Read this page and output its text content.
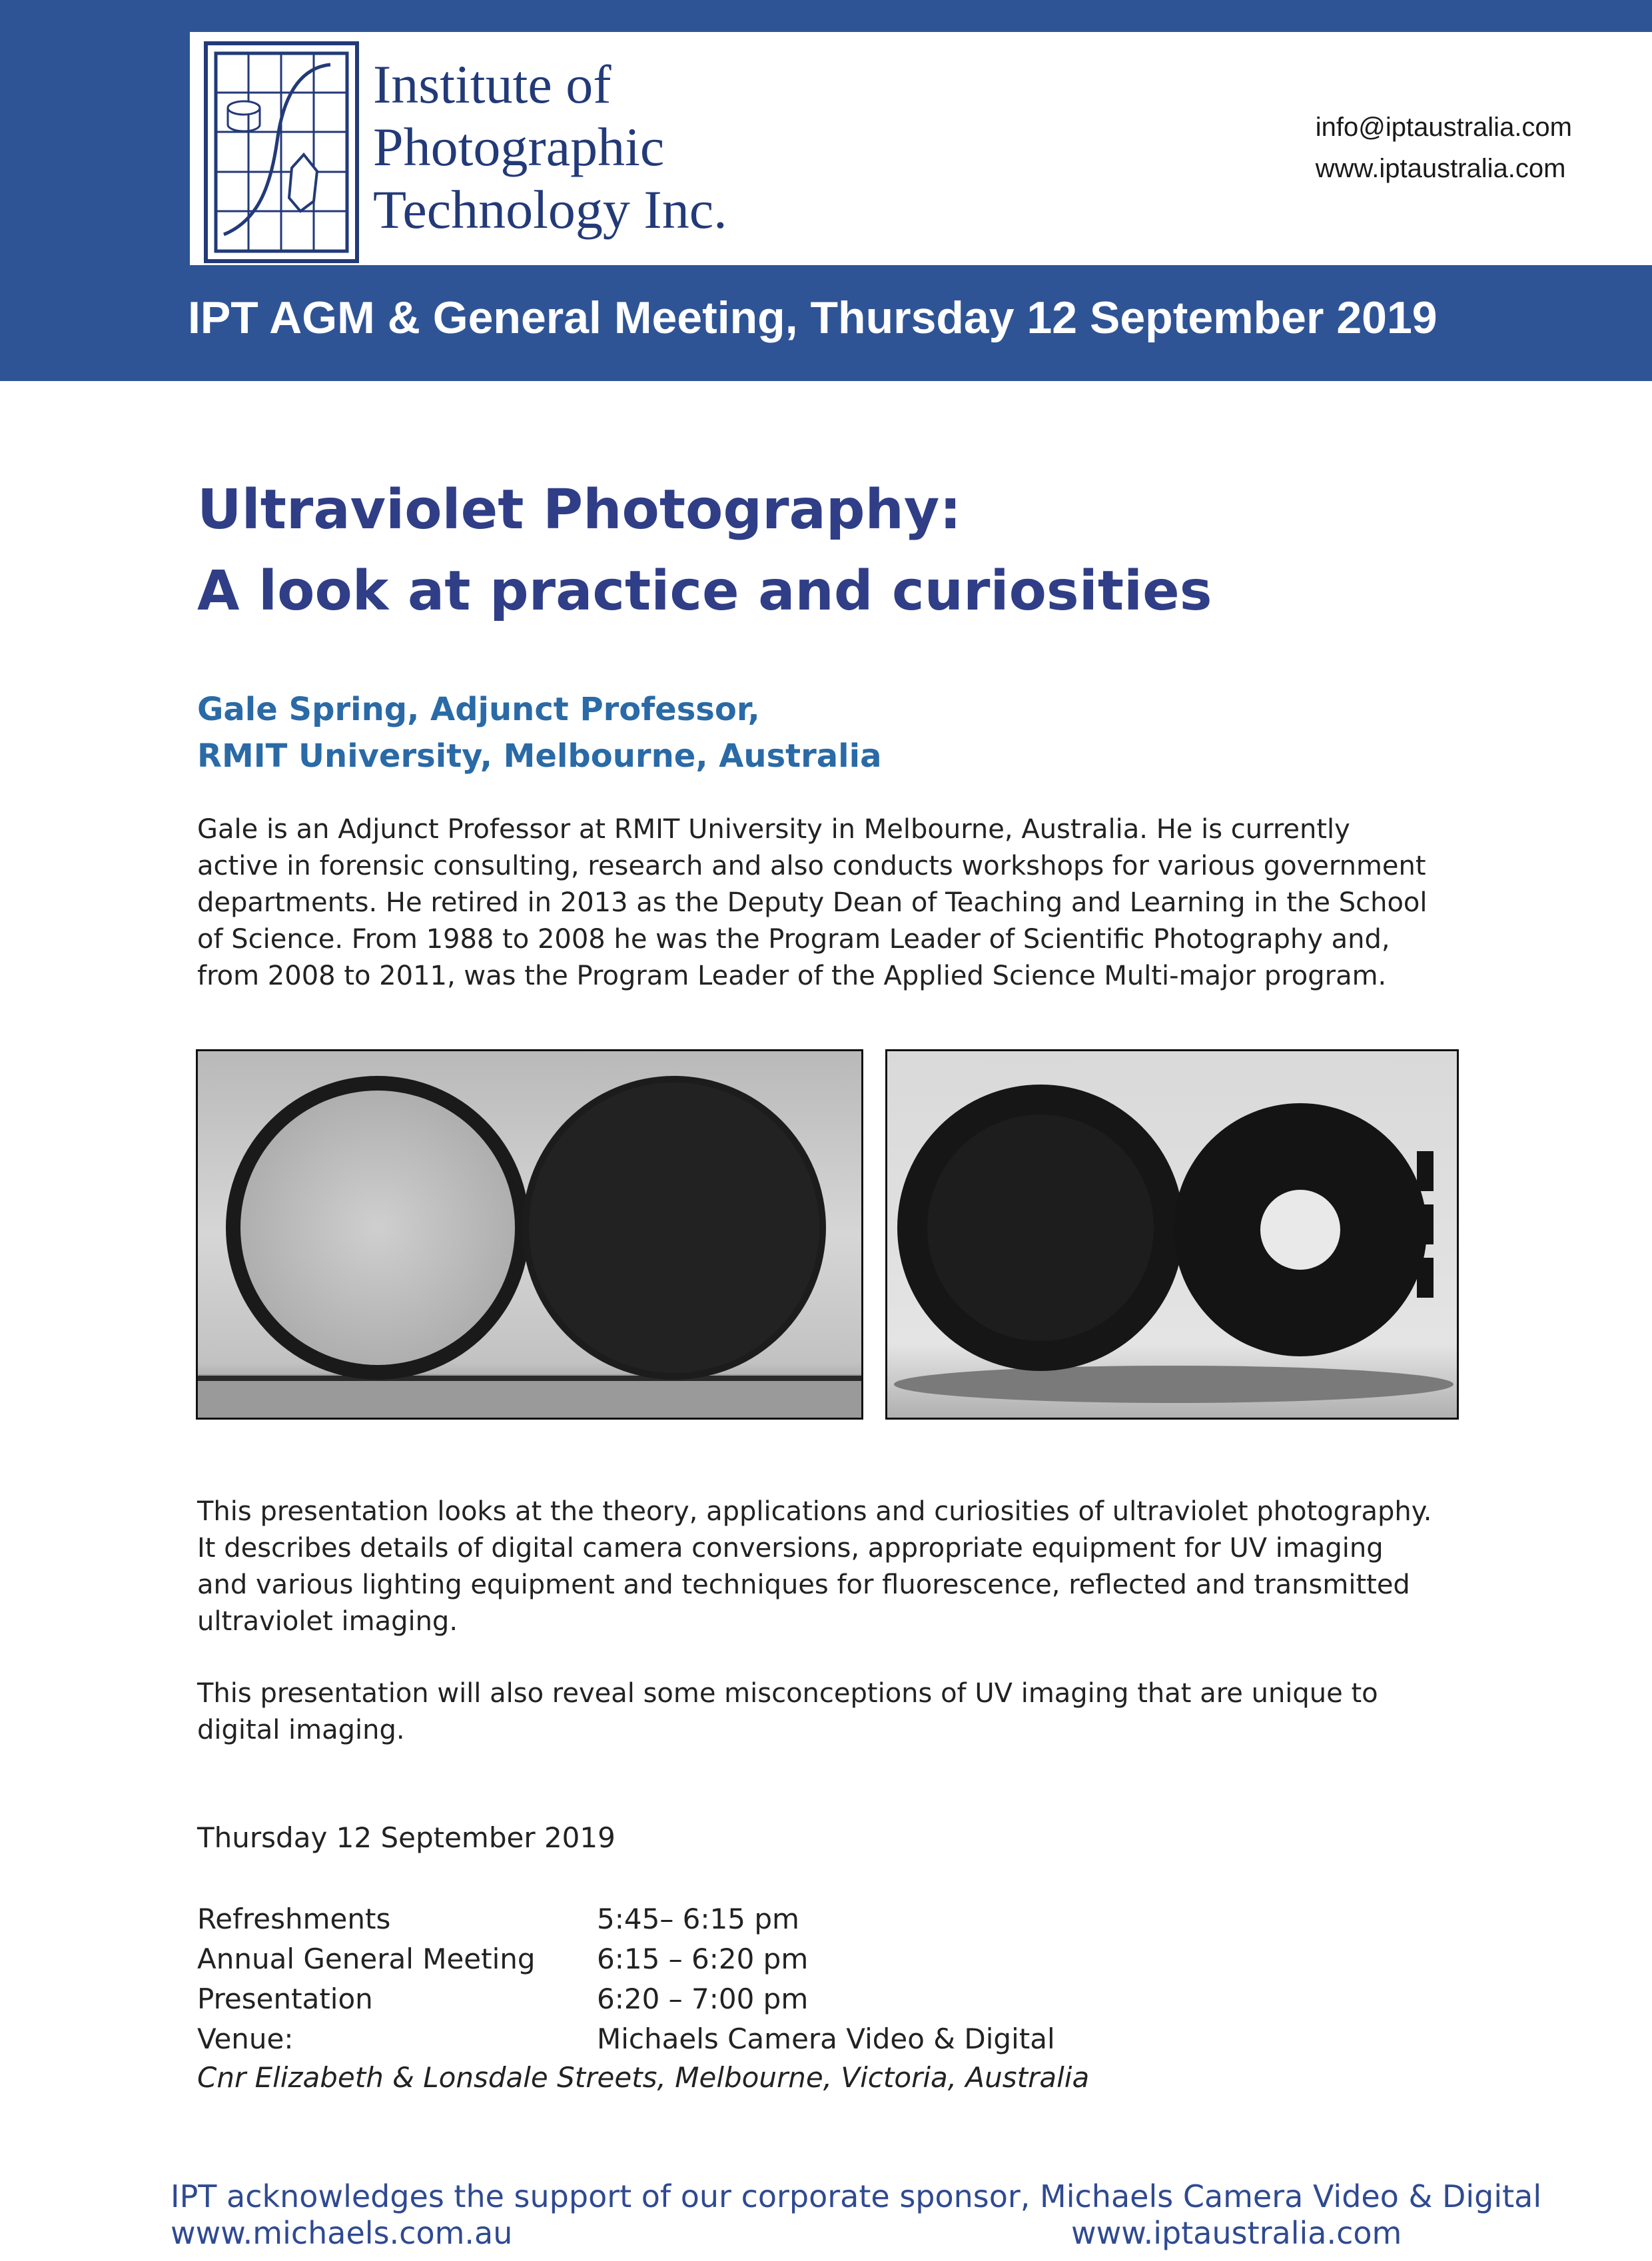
Institute of
Photographic
Technology Inc.
info@iptaustralia.com
www.iptaustralia.com
IPT AGM & General Meeting, Thursday 12 September 2019
Ultraviolet Photography:
A look at practice and curiosities
Gale Spring, Adjunct Professor,
RMIT University, Melbourne, Australia
Gale is an Adjunct Professor at RMIT University in Melbourne, Australia. He is currently
active in forensic consulting, research and also conducts workshops for various government
departments. He retired in 2013 as the Deputy Dean of Teaching and Learning in the School
of Science. From 1988 to 2008 he was the Program Leader of Scientific Photography and,
from 2008 to 2011, was the Program Leader of the Applied Science Multi-major program.
This presentation looks at the theory, applications and curiosities of ultraviolet photography.
It describes details of digital camera conversions, appropriate equipment for UV imaging
and various lighting equipment and techniques for fluorescence, reflected and transmitted
ultraviolet imaging.
This presentation will also reveal some misconceptions of UV imaging that are unique to
digital imaging.
Thursday 12 September 2019
Refreshments	5:45– 6:15 pm
Annual General Meeting 6:15 – 6:20 pm
Presentation	6:20 – 7:00 pm
Venue:	Michaels Camera Video & Digital
Cnr Elizabeth & Lonsdale Streets, Melbourne, Victoria, Australia
IPT acknowledges the support of our corporate sponsor, Michaels Camera Video & Digital
www.michaels.com.au	www.iptaustralia.com
